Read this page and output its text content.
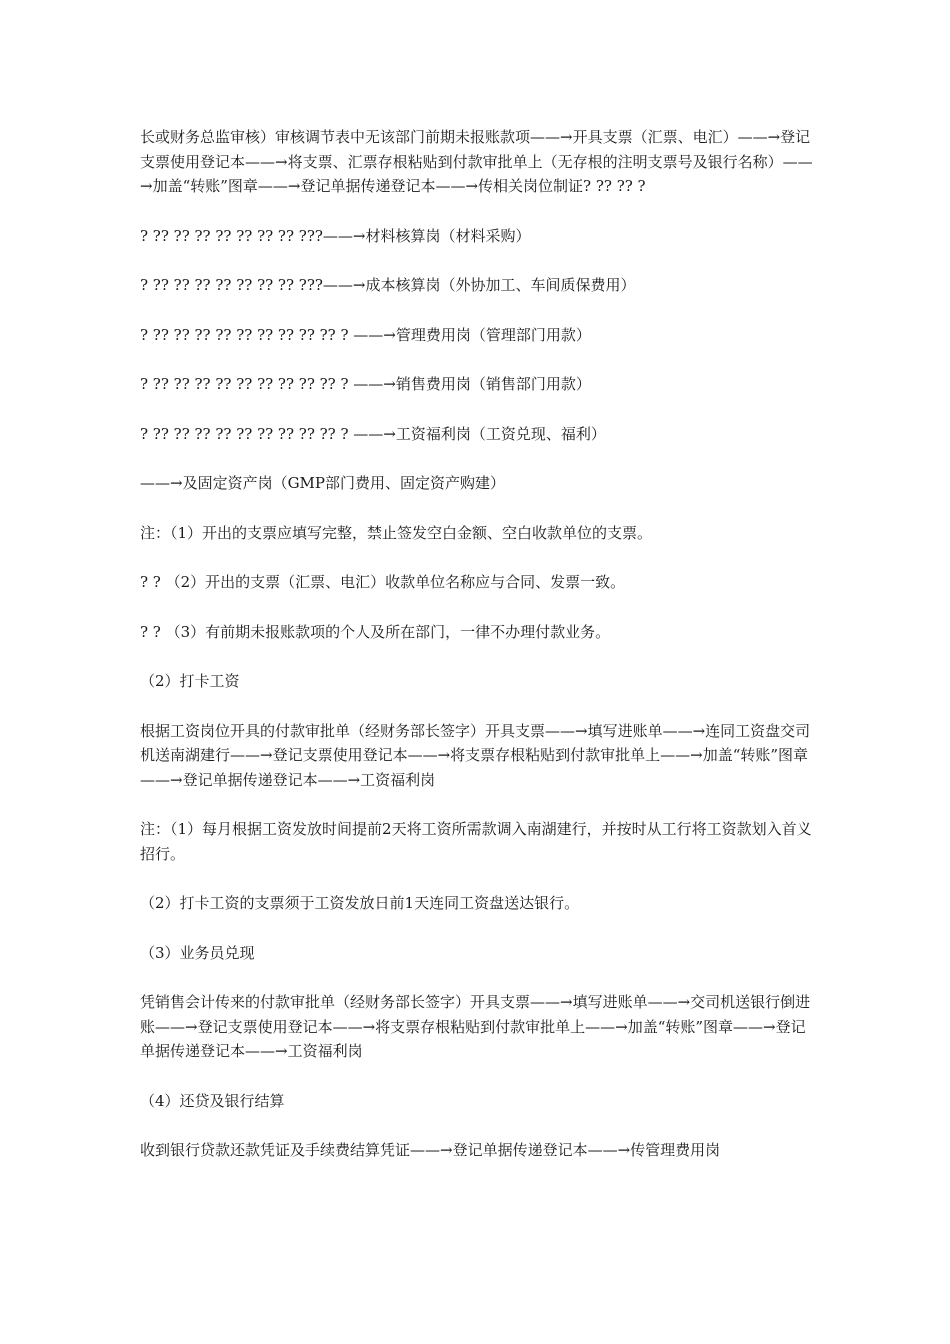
长或财务总监审核）审核调节表中无该部门前期未报账款项——→开具支票（汇票、电汇）——→登记支票使用登记本——→将支票、汇票存根粘贴到付款审批单上（无存根的注明支票号及银行名称）——→加盖“转账”图章——→登记单据传递登记本——→传相关岗位制证? ?? ?? ?

? ?? ?? ?? ?? ?? ?? ?? ???——→材料核算岗（材料采购）

? ?? ?? ?? ?? ?? ?? ?? ???——→成本核算岗（外协加工、车间质保费用）

? ?? ?? ?? ?? ?? ?? ?? ?? ?? ? ——→管理费用岗（管理部门用款）

? ?? ?? ?? ?? ?? ?? ?? ?? ?? ? ——→销售费用岗（销售部门用款）

? ?? ?? ?? ?? ?? ?? ?? ?? ?? ? ——→工资福利岗（工资兑现、福利）

——→及固定资产岗（GMP部门费用、固定资产购建）

注：（1）开出的支票应填写完整，禁止签发空白金额、空白收款单位的支票。

? ? （2）开出的支票（汇票、电汇）收款单位名称应与合同、发票一致。

? ? （3）有前期未报账款项的个人及所在部门，一律不办理付款业务。

（2）打卡工资

根据工资岗位开具的付款审批单（经财务部长签字）开具支票——→填写进账单——→连同工资盘交司机送南湖建行——→登记支票使用登记本——→将支票存根粘贴到付款审批单上——→加盖“转账”图章——→登记单据传递登记本——→工资福利岗

注：（1）每月根据工资发放时间提前2天将工资所需款调入南湖建行，并按时从工行将工资款划入首义招行。

（2）打卡工资的支票须于工资发放日前1天连同工资盘送达银行。

（3）业务员兑现

凭销售会计传来的付款审批单（经财务部长签字）开具支票——→填写进账单——→交司机送银行倒进账——→登记支票使用登记本——→将支票存根粘贴到付款审批单上——→加盖“转账”图章——→登记单据传递登记本——→工资福利岗

（4）还贷及银行结算

收到银行贷款还款凭证及手续费结算凭证——→登记单据传递登记本——→传管理费用岗
